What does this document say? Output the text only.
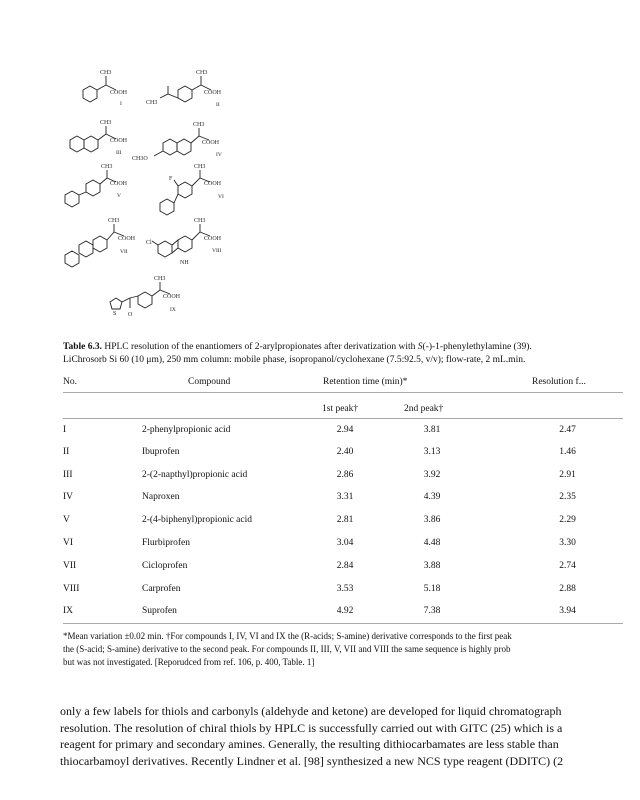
CH3
COOH
I
CH3
COOH
CH3	II
CH3
COOH
III
CH3
COOH
CH3O
IV
CH3
COOH
V
CH3
COOH
F
VI
CH3
COOH
VII
CH3
COOH
Cl
NH
VIII
CH3
COOH
S O
IX
Table 6.3. HPLC resolution of the enantiomers of 2-arylpropionates after derivatization with S(-)-1-phenylethylamine (39).
LiChrosorb Si 60 (10 μm), 250 mm column: mobile phase, isopropanol/cyclohexane (7.5:92.5, v/v); flow-rate, 2 mL.min.
No.	Compound	Retention time (min)*	Resolution f...
1st peak†	2nd peak†
I	2-phenylpropionic acid	2.94	3.81	2.47
II	Ibuprofen	2.40	3.13	1.46
III	2-(2-napthyl)propionic acid	2.86	3.92	2.91
IV	Naproxen	3.31	4.39	2.35
V	2-(4-biphenyl)propionic acid	2.81	3.86	2.29
VI	Flurbiprofen	3.04	4.48	3.30
VII	Cicloprofen	2.84	3.88	2.74
VIII	Carprofen	3.53	5.18	2.88
IX	Suprofen	4.92	7.38	3.94
*Mean variation ±0.02 min. †For compounds I, IV, VI and IX the (R-acids; S-amine) derivative corresponds to the first peak
the (S-acid; S-amine) derivative to the second peak. For compounds II, III, V, VII and VIII the same sequence is highly prob
but was not investigated. [Reporudced from ref. 106, p. 400, Table. 1]
only a few labels for thiols and carbonyls (aldehyde and ketone) are developed for liquid chromatograph
resolution. The resolution of chiral thiols by HPLC is successfully carried out with GITC (25) which is a
reagent for primary and secondary amines. Generally, the resulting dithiocarbamates are less stable than
thiocarbamoyl derivatives. Recently Lindner et al. [98] synthesized a new NCS type reagent (DDITC) (2
